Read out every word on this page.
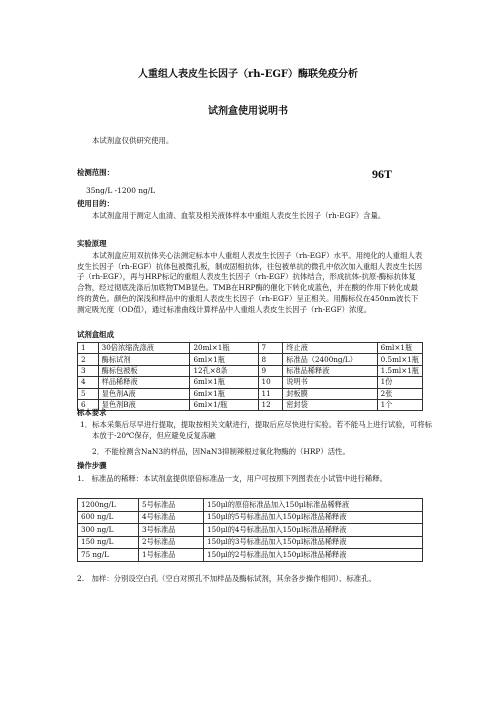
人重组人表皮生长因子（rh-EGF）酶联免疫分析
试剂盒使用说明书
本试剂盒仅供研究使用。
检测范围：	96T
35ng/L -1200 ng/L
使用目的：
本试剂盒用于测定人血清、血浆及相关液体样本中重组人表皮生长因子（rh-EGF）含量。
实验原理
本试剂盒应用双抗体夹心法测定标本中人重组人表皮生长因子（rh-EGF）水平。用纯化的人重组人表皮生长因子（rh-EGF）抗体包被微孔板，制成固相抗体，往包被单抗的微孔中依次加入重组人表皮生长因子（rh-EGF），再与HRP标记的重组人表皮生长因子（rh-EGF）抗体结合，形成抗体-抗原-酶标抗体复合物，经过彻底洗涤后加底物TMB显色。TMB在HRP酶的催化下转化成蓝色，并在酸的作用下转化成最终的黄色。颜色的深浅和样品中的重组人表皮生长因子（rh-EGF）呈正相关。用酶标仪在450nm波长下测定吸光度（OD值），通过标准曲线计算样品中人重组人表皮生长因子（rh-EGF）浓度。
试剂盒组成
1	30倍浓缩洗涤液	20ml×1瓶	7	终止液	6ml×1瓶
2	酶标试剂	6ml×1瓶	8	标准品（2400ng/L）	0.5ml×1瓶
3	酶标包被板	12孔×8条	9	标准品稀释液	1.5ml×1瓶
4	样品稀释液	6ml×1瓶	10	说明书	1份
5	显色剂A液	6ml×1瓶	11	封板膜	2张
6	显色剂B液	6ml×1/瓶	12	密封袋	1个
标本要求
1．标本采集后尽早进行提取，提取按相关文献进行，提取后应尽快进行实验。若不能马上进行试验，可将标本放于-20℃保存，但应避免反复冻融
2．不能检测含NaN3的样品，因NaN3抑制辣根过氧化物酶的（HRP）活性。
操作步骤
1.　标准品的稀释：本试剂盒提供原倍标准品一支，用户可按照下列图表在小试管中进行稀释。
1200ng/L	5号标准品	150μl的原倍标准品加入150μl标准品稀释液
600 ng/L	4号标准品	150μl的5号标准品加入150μl标准品稀释液
300 ng/L	3号标准品	150μl的4号标准品加入150μl标准品稀释液
150 ng/L	2号标准品	150μl的3号标准品加入150μl标准品稀释液
75 ng/L	1号标准品	150μl的2号标准品加入150μl标准品稀释液
2.　加样：分别设空白孔（空白对照孔不加样品及酶标试剂，其余各步操作相同）、标准孔、
